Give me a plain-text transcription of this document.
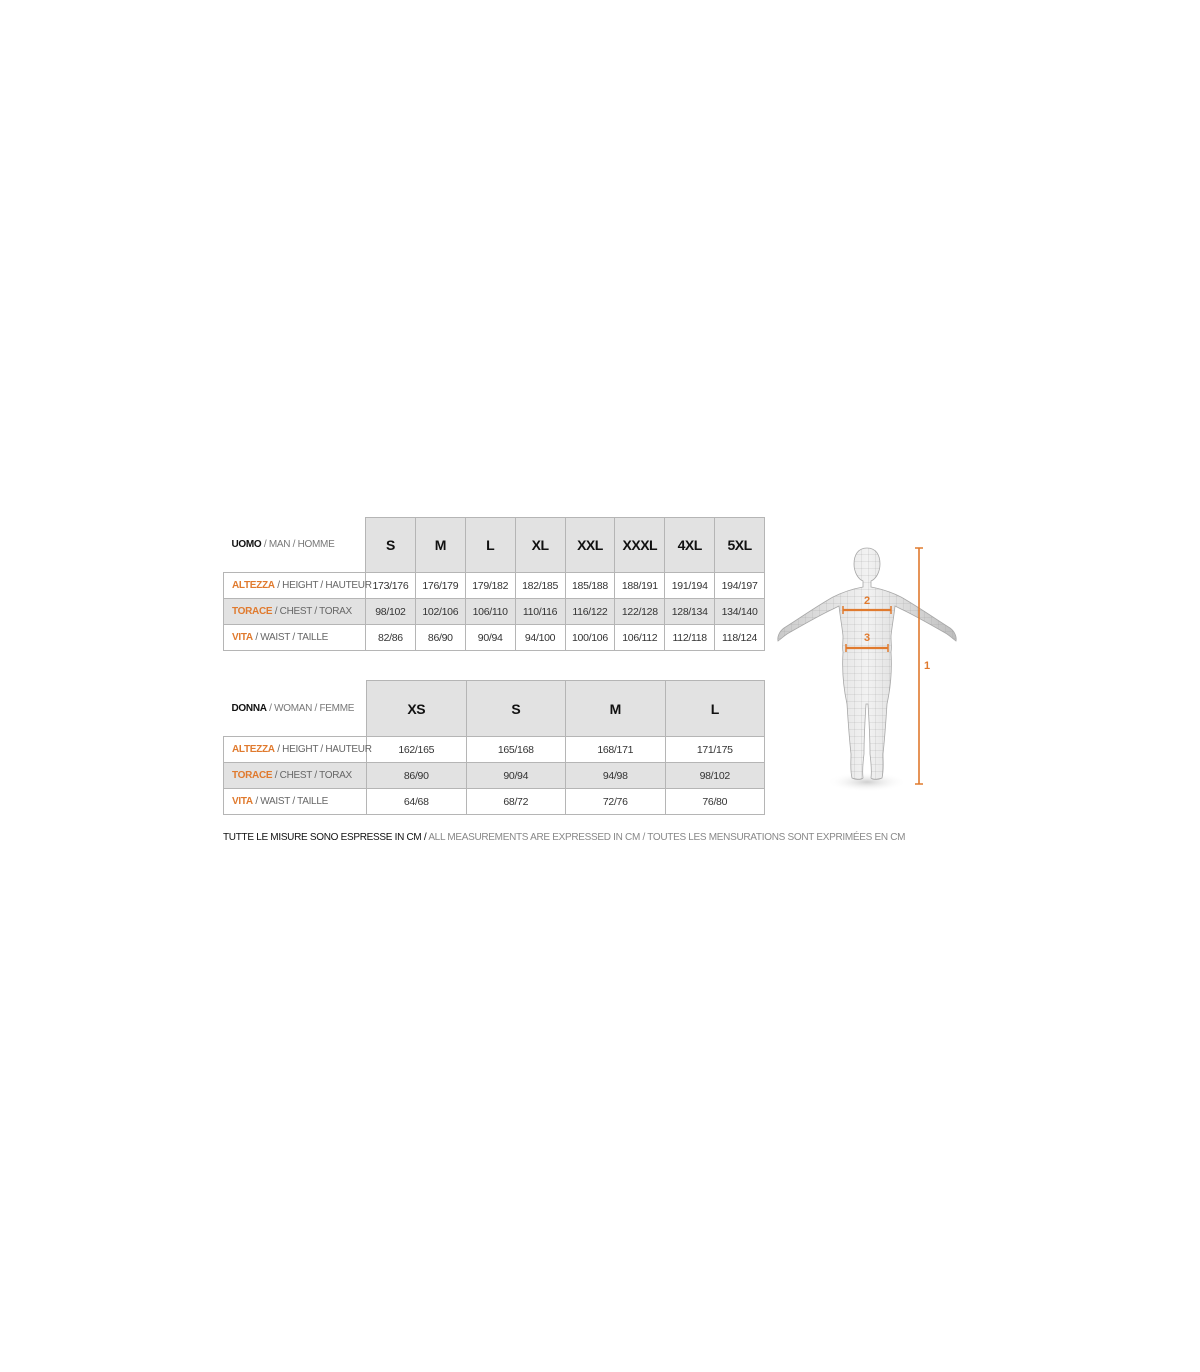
UOMO / MAN / HOMME	S	M	L	XL	XXL	XXXL	4XL	5XL
ALTEZZA / HEIGHT / HAUTEUR	173/176	176/179	179/182	182/185	185/188	188/191	191/194	194/197
TORACE / CHEST / TORAX	98/102	102/106	106/110	110/116	116/122	122/128	128/134	134/140
VITA / WAIST / TAILLE	82/86	86/90	90/94	94/100	100/106	106/112	112/118	118/124
DONNA / WOMAN / FEMME	XS	S	M	L
ALTEZZA / HEIGHT / HAUTEUR	162/165	165/168	168/171	171/175
TORACE / CHEST / TORAX	86/90	90/94	94/98	98/102
VITA / WAIST / TAILLE	64/68	68/72	72/76	76/80
TUTTE LE MISURE SONO ESPRESSE IN CM / ALL MEASUREMENTS ARE EXPRESSED IN CM / TOUTES LES MENSURATIONS SONT EXPRIMÉES EN CM
2
3
1
